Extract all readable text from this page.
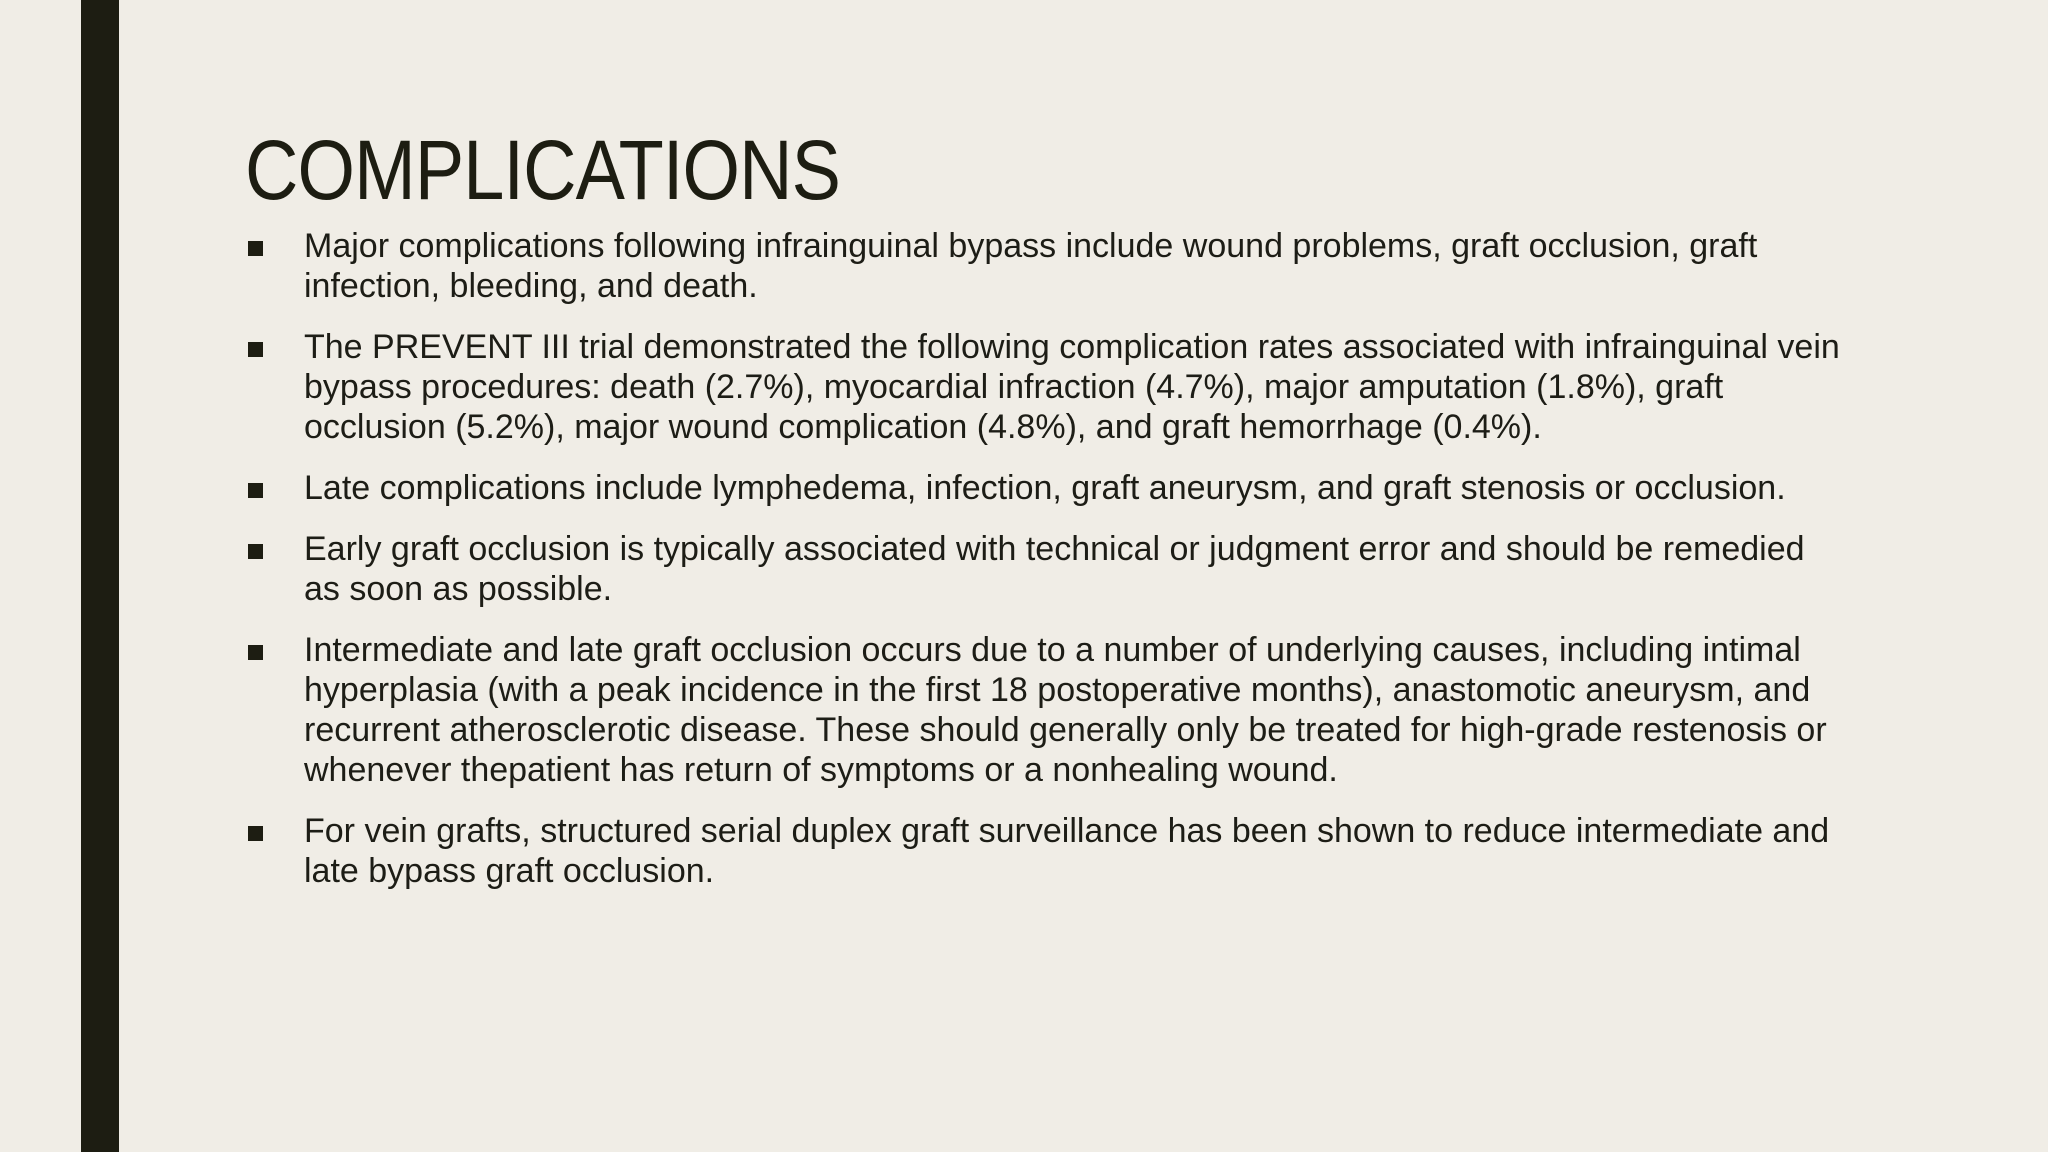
COMPLICATIONS
Major complications following infrainguinal bypass include wound problems, graft occlusion, graft infection, bleeding, and death.
The PREVENT III trial demonstrated the following complication rates associated with infrainguinal vein bypass procedures: death (2.7%), myocardial infraction (4.7%), major amputation (1.8%), graft occlusion (5.2%), major wound complication (4.8%), and graft hemorrhage (0.4%).
Late complications include lymphedema, infection, graft aneurysm, and graft stenosis or occlusion.
Early graft occlusion is typically associated with technical or judgment error and should be remedied as soon as possible.
Intermediate and late graft occlusion occurs due to a number of underlying causes, including intimal hyperplasia (with a peak incidence in the first 18 postoperative months), anastomotic aneurysm, and recurrent atherosclerotic disease. These should generally only be treated for high-grade restenosis or whenever thepatient has return of symptoms or a nonhealing wound.
For vein grafts, structured serial duplex graft surveillance has been shown to reduce intermediate and late bypass graft occlusion.
